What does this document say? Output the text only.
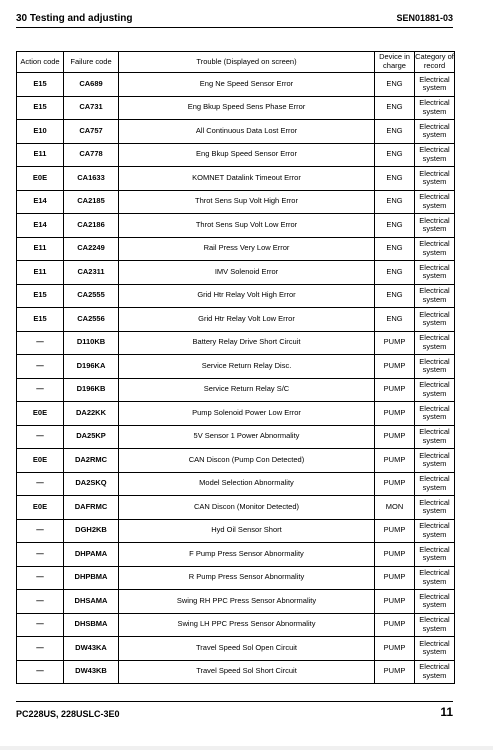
30 Testing and adjusting	SEN01881-03
Action code	Failure code	Trouble (Displayed on screen)	Device in charge	Category of record
E15	CA689	Eng Ne Speed Sensor Error	ENG	Electrical system
E15	CA731	Eng Bkup Speed Sens Phase Error	ENG	Electrical system
E10	CA757	All Continuous Data Lost Error	ENG	Electrical system
E11	CA778	Eng Bkup Speed Sensor Error	ENG	Electrical system
E0E	CA1633	KOMNET Datalink Timeout Error	ENG	Electrical system
E14	CA2185	Throt Sens Sup Volt High Error	ENG	Electrical system
E14	CA2186	Throt Sens Sup Volt Low Error	ENG	Electrical system
E11	CA2249	Rail Press Very Low Error	ENG	Electrical system
E11	CA2311	IMV Solenoid Error	ENG	Electrical system
E15	CA2555	Grid Htr Relay Volt High Error	ENG	Electrical system
E15	CA2556	Grid Htr Relay Volt Low Error	ENG	Electrical system
—	D110KB	Battery Relay Drive Short Circuit	PUMP	Electrical system
—	D196KA	Service Return Relay Disc.	PUMP	Electrical system
—	D196KB	Service Return Relay S/C	PUMP	Electrical system
E0E	DA22KK	Pump Solenoid Power Low Error	PUMP	Electrical system
—	DA25KP	5V Sensor 1 Power Abnormality	PUMP	Electrical system
E0E	DA2RMC	CAN Discon (Pump Con Detected)	PUMP	Electrical system
—	DA2SKQ	Model Selection Abnormality	PUMP	Electrical system
E0E	DAFRMC	CAN Discon (Monitor Detected)	MON	Electrical system
—	DGH2KB	Hyd Oil Sensor Short	PUMP	Electrical system
—	DHPAMA	F Pump Press Sensor Abnormality	PUMP	Electrical system
—	DHPBMA	R Pump Press Sensor Abnormality	PUMP	Electrical system
—	DHSAMA	Swing RH PPC Press Sensor Abnormality	PUMP	Electrical system
—	DHSBMA	Swing LH PPC Press Sensor Abnormality	PUMP	Electrical system
—	DW43KA	Travel Speed Sol Open Circuit	PUMP	Electrical system
—	DW43KB	Travel Speed Sol Short Circuit	PUMP	Electrical system
PC228US, 228USLC-3E0	11
